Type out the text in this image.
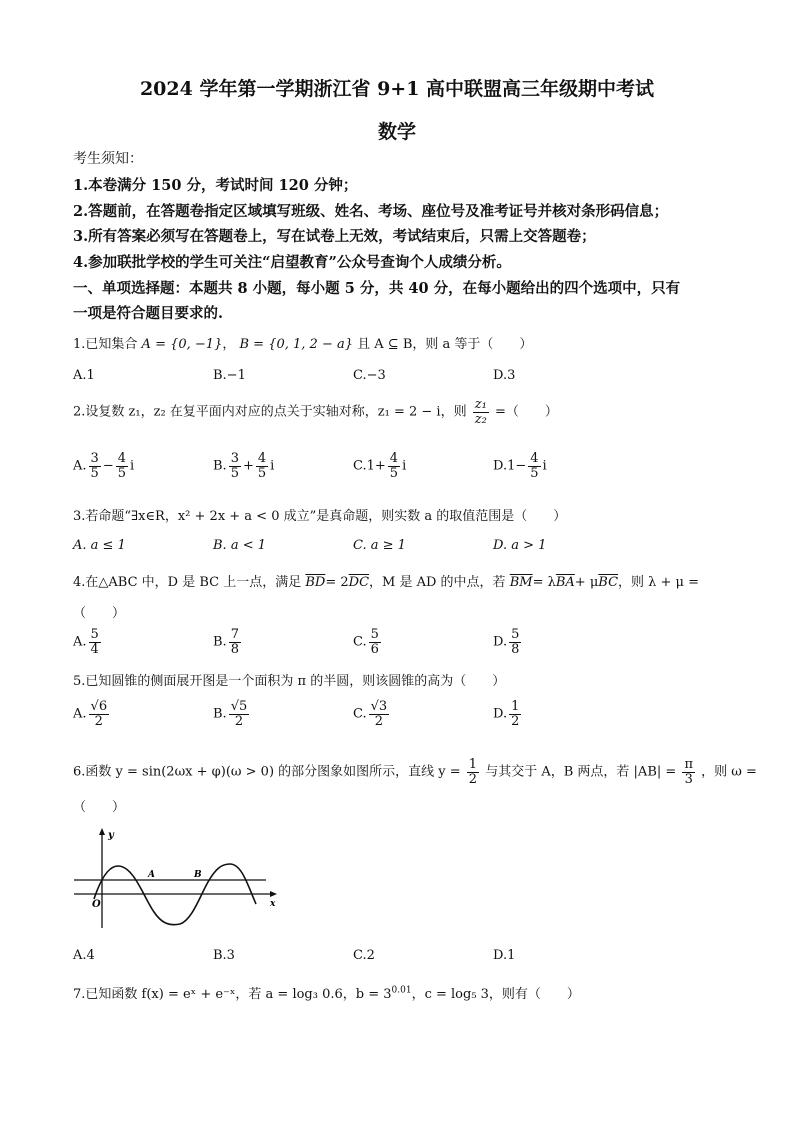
2024 学年第一学期浙江省 9+1 高中联盟高三年级期中考试
数学
考生须知：
1.本卷满分 150 分，考试时间 120 分钟；
2.答题前，在答题卷指定区域填写班级、姓名、考场、座位号及准考证号并核对条形码信息；
3.所有答案必须写在答题卷上，写在试卷上无效，考试结束后，只需上交答题卷；
4.参加联批学校的学生可关注“启望教育”公众号查询个人成绩分析。
一、单项选择题：本题共 8 小题，每小题 5 分，共 40 分，在每小题给出的四个选项中，只有
一项是符合题目要求的.
1.已知集合 A = {0, −1}， B = {0, 1, 2 − a} 且 A ⊆ B，则 a 等于（　　）
A.1	B.−1	C.−3	D.3
2.设复数 z₁，z₂ 在复平面内对应的点关于实轴对称，z₁ = 2 − i，则 $\frac{\text{z₁}}{\text{z₂}}$ =（　　）
A. $\frac{3}{5} - \frac{4}{5}$ i	B. $\frac{3}{5} + \frac{4}{5}$ i	$C.1+ \frac{4}{5}$ i	$D.1- \frac{4}{5}$ i
3.若命题“∃x∈R，x² + 2x + a < 0 成立”是真命题，则实数 a 的取值范围是（　　）
A. a ≤ 1	B. a < 1	C. a ≥ 1	D. a > 1
4.在△ABC 中，D 是 BC 上一点，满足 $\overline{BD}= 2\overline{DC}$，M 是 AD 的中点，若 $\overline{BM}= \lambda\overline{BA}+ \mu\overline{BC}$，则 λ + μ =
（　　）
A. $\frac{5}{4}$	B. $\frac{7}{8}$	C. $\frac{5}{6}$	D. $\frac{5}{8}$
5.已知圆锥的侧面展开图是一个面积为 π 的半圆，则该圆锥的高为（　　）
A. $\frac{√6}{2}$	B. $\frac{√5}{2}$	C. $\frac{√3}{2}$	D. $\frac{1}{2}$
6.函数 y = sin(2ωx + φ)(ω > 0) 的部分图象如图所示，直线 $y = \frac{1}{2}$ 与其交于 A，B 两点，若 $|AB| = \frac{\pi}{3}$ ，则 ω =
（　　）
y
x
O
A	B
A.4	B.3	C.2	D.1
7.已知函数 f(x) = eˣ + e⁻ˣ，若 a = log₃ 0.6，$b = 3^{0.01}$，c = log₅ 3，则有（　　）
